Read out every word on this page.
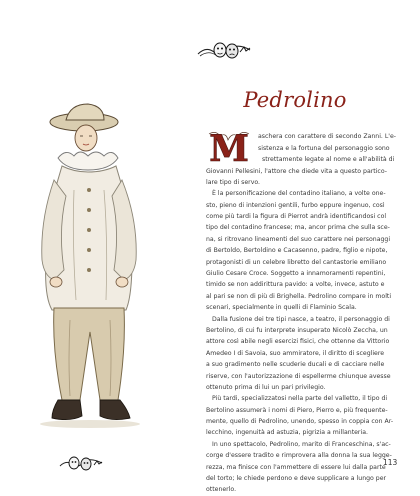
Pedrolino
M aschera con carattere di secondo Zanni. L'e-
sistenza e la fortuna del personaggio sono
strettamente legate al nome e all'abilità di
Giovanni Pellesini, l'attore che diede vita a questo partico-
lare tipo di servo.
È la personificazione del contadino italiano, a volte one-
sto, pieno di intenzioni gentili, furbo eppure ingenuo, così
come più tardi la figura di Pierrot andrà identificandosi col
tipo del contadino francese; ma, ancor prima che sulla sce-
na, si ritrovano lineamenti del suo carattere nei personaggi
di Bertoldo, Bertoldino e Cacasenno, padre, figlio e nipote,
protagonisti di un celebre libretto del cantastorie emiliano
Giulio Cesare Croce. Soggetto a innamoramenti repentini,
timido se non addirittura pavido: a volte, invece, astuto e
al pari se non di più di Brighella. Pedrolino compare in molti
scenari, specialmente in quelli di Flaminio Scala.
Dalla fusione dei tre tipi nasce, a teatro, il personaggio di
Bertolino, di cui fu interprete insuperato Nicolò Zeccha, un
attore così abile negli esercizi fisici, che ottenne da Vittorio
Amedeo I di Savoia, suo ammiratore, il diritto di scegliere
a suo gradimento nelle scuderie ducali e di cacciare nelle
riserve, con l'autorizzazione di espellerme chiunque avesse
ottenuto prima di lui un pari privilegio.
Più tardi, specializzatosi nella parte del valletto, il tipo di
Bertolino assumerà i nomi di Piero, Pierro e, più frequente-
mente, quello di Pedrolino, unendo, spesso in coppia con Ar-
lecchino, ingenuità ad astuzia, pigrizia a millanteria.
In uno spettacolo, Pedrolino, marito di Franceschina, s'ac-
corge d'essere tradito e rimprovera alla donna la sua legge-
rezza, ma finisce con l'ammettere di essere lui dalla parte
del torto; le chiede perdono e deve supplicare a lungo per
ottenerlo.
113
